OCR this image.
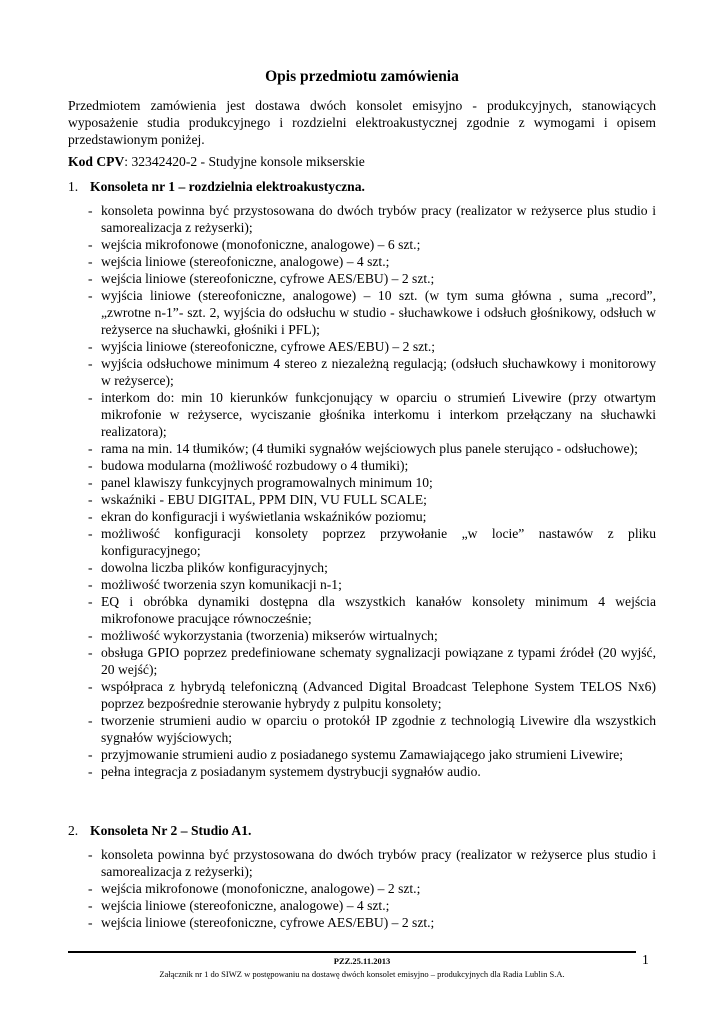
Opis przedmiotu zamówienia
Przedmiotem zamówienia jest dostawa dwóch konsolet emisyjno - produkcyjnych, stanowiących wyposażenie studia produkcyjnego i rozdzielni elektroakustycznej zgodnie z wymogami i opisem przedstawionym poniżej.
Kod CPV: 32342420-2 - Studyjne konsole mikserskie
1. Konsoleta nr 1 – rozdzielnia elektroakustyczna.
- konsoleta powinna być przystosowana do dwóch trybów pracy (realizator w reżyserce plus studio i samorealizacja z reżyserki);
- wejścia mikrofonowe (monofoniczne, analogowe) – 6 szt.;
- wejścia liniowe (stereofoniczne, analogowe) – 4 szt.;
- wejścia liniowe (stereofoniczne, cyfrowe AES/EBU) – 2 szt.;
- wyjścia liniowe (stereofoniczne, analogowe) – 10 szt. (w tym suma główna , suma „record”, „zwrotne n-1”- szt. 2, wyjścia do odsłuchu w studio - słuchawkowe i odsłuch głośnikowy, odsłuch w reżyserce na słuchawki, głośniki i PFL);
- wyjścia liniowe (stereofoniczne, cyfrowe AES/EBU) – 2 szt.;
- wyjścia odsłuchowe minimum 4 stereo z niezależną regulacją; (odsłuch słuchawkowy i monitorowy w reżyserce);
- interkom do: min 10 kierunków funkcjonujący w oparciu o strumień Livewire (przy otwartym mikrofonie w reżyserce, wyciszanie głośnika interkomu i interkom przełączany na słuchawki realizatora);
- rama na min. 14 tłumików; (4 tłumiki sygnałów wejściowych plus panele sterująco - odsłuchowe);
- budowa modularna (możliwość rozbudowy o 4 tłumiki);
- panel klawiszy funkcyjnych programowalnych minimum 10;
- wskaźniki - EBU DIGITAL, PPM DIN, VU FULL SCALE;
- ekran do konfiguracji i wyświetlania wskaźników poziomu;
- możliwość konfiguracji konsolety poprzez przywołanie „w locie” nastawów z pliku konfiguracyjnego;
- dowolna liczba plików konfiguracyjnych;
- możliwość tworzenia szyn komunikacji n-1;
- EQ i obróbka dynamiki dostępna dla wszystkich kanałów konsolety minimum 4 wejścia mikrofonowe pracujące równocześnie;
- możliwość wykorzystania (tworzenia) mikserów wirtualnych;
- obsługa GPIO poprzez predefiniowane schematy sygnalizacji powiązane z typami źródeł (20 wyjść, 20 wejść);
- współpraca z hybrydą telefoniczną (Advanced Digital Broadcast Telephone System TELOS Nx6) poprzez bezpośrednie sterowanie hybrydy z pulpitu konsolety;
- tworzenie strumieni audio w oparciu o protokół IP zgodnie z technologią Livewire dla wszystkich sygnałów wyjściowych;
- przyjmowanie strumieni audio z posiadanego systemu Zamawiającego jako strumieni Livewire;
- pełna integracja z posiadanym systemem dystrybucji sygnałów audio.
2. Konsoleta Nr 2 – Studio A1.
- konsoleta powinna być przystosowana do dwóch trybów pracy (realizator w reżyserce plus studio i samorealizacja z reżyserki);
- wejścia mikrofonowe (monofoniczne, analogowe) – 2 szt.;
- wejścia liniowe (stereofoniczne, analogowe) – 4 szt.;
- wejścia liniowe (stereofoniczne, cyfrowe AES/EBU) – 2 szt.;
1
PZZ.25.11.2013
Załącznik nr 1 do SIWZ w postępowaniu na dostawę dwóch konsolet emisyjno – produkcyjnych dla Radia Lublin S.A.
